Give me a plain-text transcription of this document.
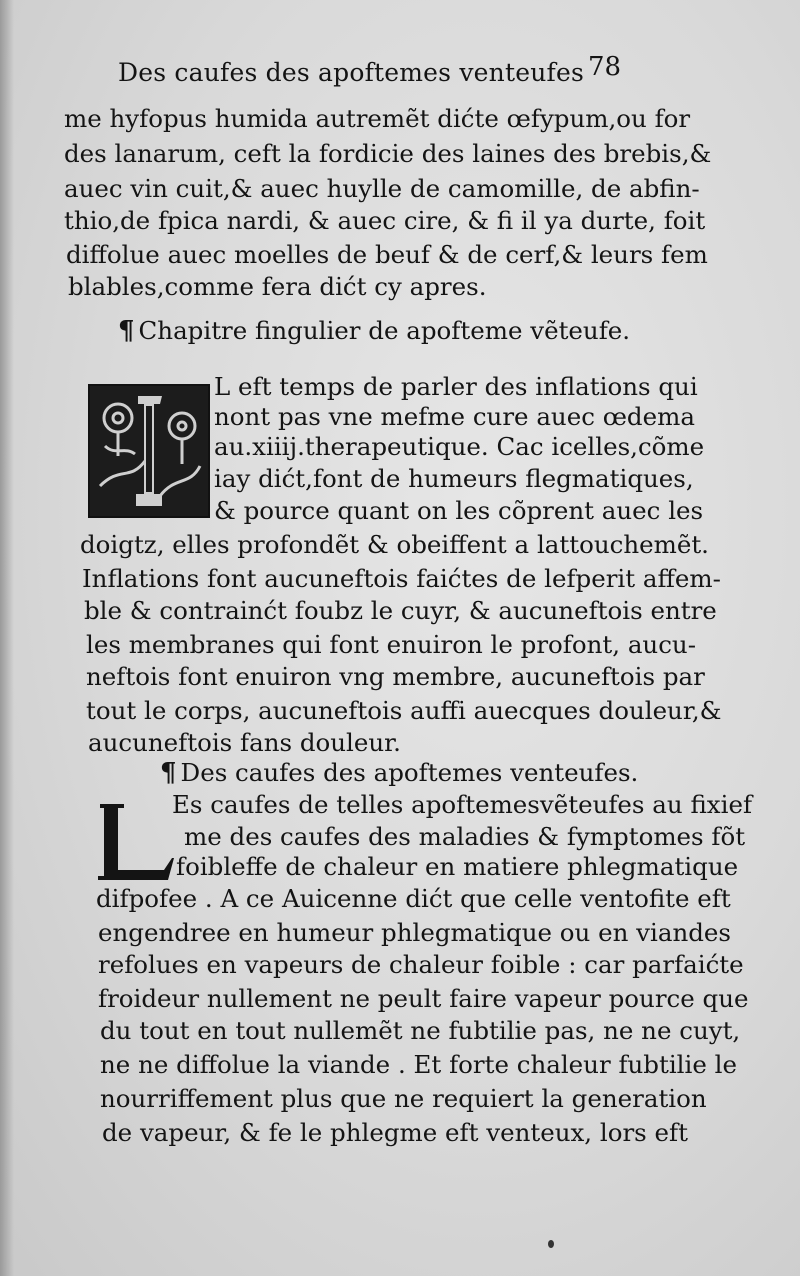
Des caufes des apoftemes venteufes 78
me hyfopus humida autremẽt dićte œfypum,ou for
des lanarum, ceft la fordicie des laines des brebis,&
auec vin cuit,& auec huylle de camomille, de abfin-
thio,de fpica nardi, & auec cire, & fi il ya durte, foit
diffolue auec moelles de beuf & de cerf,& leurs fem
blables,comme fera dićt cy apres.
¶ Chapitre fingulier de apofteme vẽteufe.
L eft temps de parler des inflations qui
nont pas vne mefme cure auec œdema
au.xiiij.therapeutique. Cac icelles,cõme
iay dićt,font de humeurs flegmatiques,
& pource quant on les cõprent auec les
doigtz, elles profondẽt & obeiffent a lattouchemẽt.
Inflations font aucuneftois faićtes de lefperit affem-
ble & contrainćt foubz le cuyr, & aucuneftois entre
les membranes qui font enuiron le profont, aucu-
neftois font enuiron vng membre, aucuneftois par
tout le corps, aucuneftois auffi auecques douleur,&
aucuneftois fans douleur.
¶ Des caufes des apoftemes venteufes.
Es caufes de telles apoftemesvẽteufes au fixief
me des caufes des maladies & fymptomes fõt
foibleffe de chaleur en matiere phlegmatique
difpofee . A ce Auicenne dićt que celle ventofite eft
engendree en humeur phlegmatique ou en viandes
refolues en vapeurs de chaleur foible : car parfaićte
froideur nullement ne peult faire vapeur pource que
du tout en tout nullemẽt ne fubtilie pas, ne ne cuyt,
ne ne diffolue la viande . Et forte chaleur fubtilie le
nourriffement plus que ne requiert la generation
de vapeur, & fe le phlegme eft venteux, lors eft
